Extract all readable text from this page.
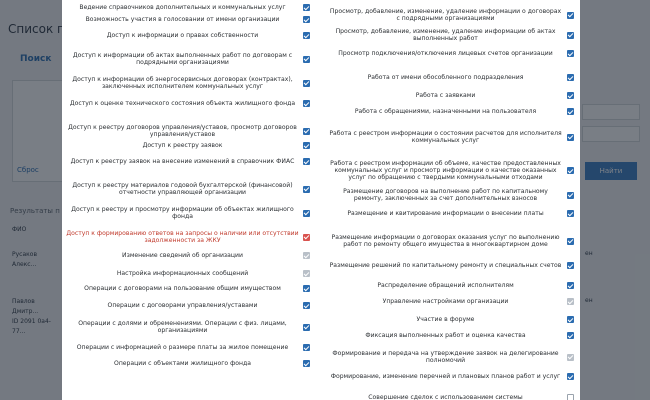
Ведение справочников дополнительных и коммунальных услуг
Возможность участия в голосовании от имени организации
Доступ к информации о правах собственности
Доступ к информации об актах выполненных работ по договорам с подрядными организациями
Доступ к информации об энергосервисных договорах (контрактах), заключенных исполнителем коммунальных услуг
Доступ к оценке технического состояния объекта жилищного фонда
Доступ к реестру договоров управления/уставов, просмотр договоров управления/уставов
Доступ к реестру заявок
Доступ к реестру заявок на внесение изменений в справочник ФИАС
Доступ к реестру материалов годовой бухгалтерской (финансовой) отчетности управляющей организации
Доступ к реестру и просмотру информации об объектах жилищного фонда
Доступ к формированию ответов на запросы о наличии или отсутствии задолженности за ЖКУ
Изменение сведений об организации
Настройка информационных сообщений
Операции с договорами на пользование общим имуществом
Операции с договорами управления/уставами
Операции с долями и обременениями. Операции с физ. лицами, организациями
Операции с информацией о размере платы за жилое помещение
Операции с объектами жилищного фонда
Просмотр, добавление, изменение, удаление информации о договорах с подрядными организациями
Просмотр, добавление, изменение, удаление информации об актах выполненных работ
Просмотр подключения/отключения лицевых счетов организации
Работа от имени обособленного подразделения
Работа с заявками
Работа с обращениями, назначенными на пользователя
Работа с реестром информации о состоянии расчетов для исполнителя коммунальных услуг
Работа с реестром информации об объеме, качестве предоставленных коммунальных услуг и просмотр информации о качестве оказанных услуг по обращению с твердыми коммунальными отходами
Размещение договоров на выполнение работ по капитальному ремонту, заключенных за счет дополнительных взносов
Размещение и квитирование информации о внесении платы
Размещение информации о договорах оказания услуг по выполнению работ по ремонту общего имущества в многоквартирном доме
Размещение решений по капитальному ремонту и специальных счетов
Распределение обращений исполнителям
Управление настройками организации
Участие в форуме
Фиксация выполненных работ и оценка качества
Формирование и передача на утверждение заявок на делегирование полномочий
Формирование, изменение перечней и плановых планов работ и услуг
Совершение сделок с использованием системы
